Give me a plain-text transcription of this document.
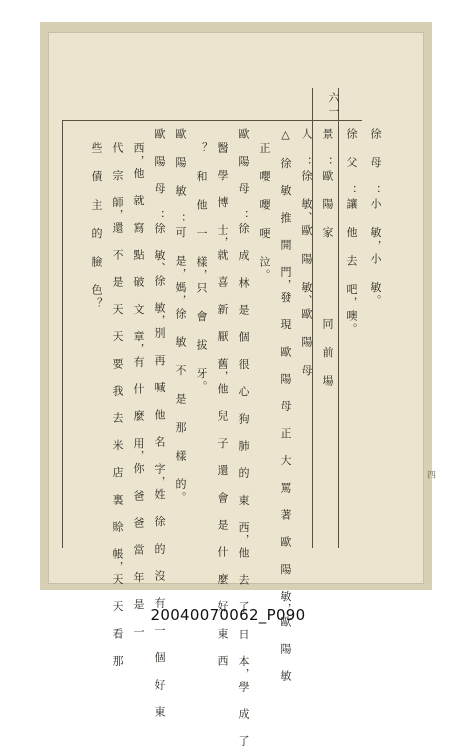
六一
徐 母 ：小 敏，小 敏。
徐 父 ：讓 他 去 吧，噢。
景 ：歐 陽 家
同 前 場
人 ：徐 敏、歐 陽 敏、歐 陽 母
△ 徐 敏 推 開 門，發 現 歐 陽 母 正 大 罵 著 歐 陽 敏，歐 陽 敏
正 嚶 嚶 哽 泣。
歐 陽 母 ：徐 成 林 是 個 很 心 狗 肺 的 東 西，他 去 了 日 本，學 成 了
醫 學 博 士，就 喜 新 厭 舊，他 兒 子 還 會 是 什 麼 好 東 西
？ 和 他 一 樣，只 會 拔 牙。
歐 陽 敏 ：可 是，媽，徐 敏 不 是 那 樣 的。
歐 陽 母 ：徐 敏、徐 敏，別 再 喊 他 名 字，姓 徐 的 沒 有 一 個 好 東
西，他 就 寫 點 破 文 章，有 什 麼 用，你 爸 爸 當 年 是 一
代 宗 師，還 不 是 天 天 要 我 去 米 店 裏 賒 帳，天 天 看 那
些 債 主 的 臉 色？
四
20040070062_P090
